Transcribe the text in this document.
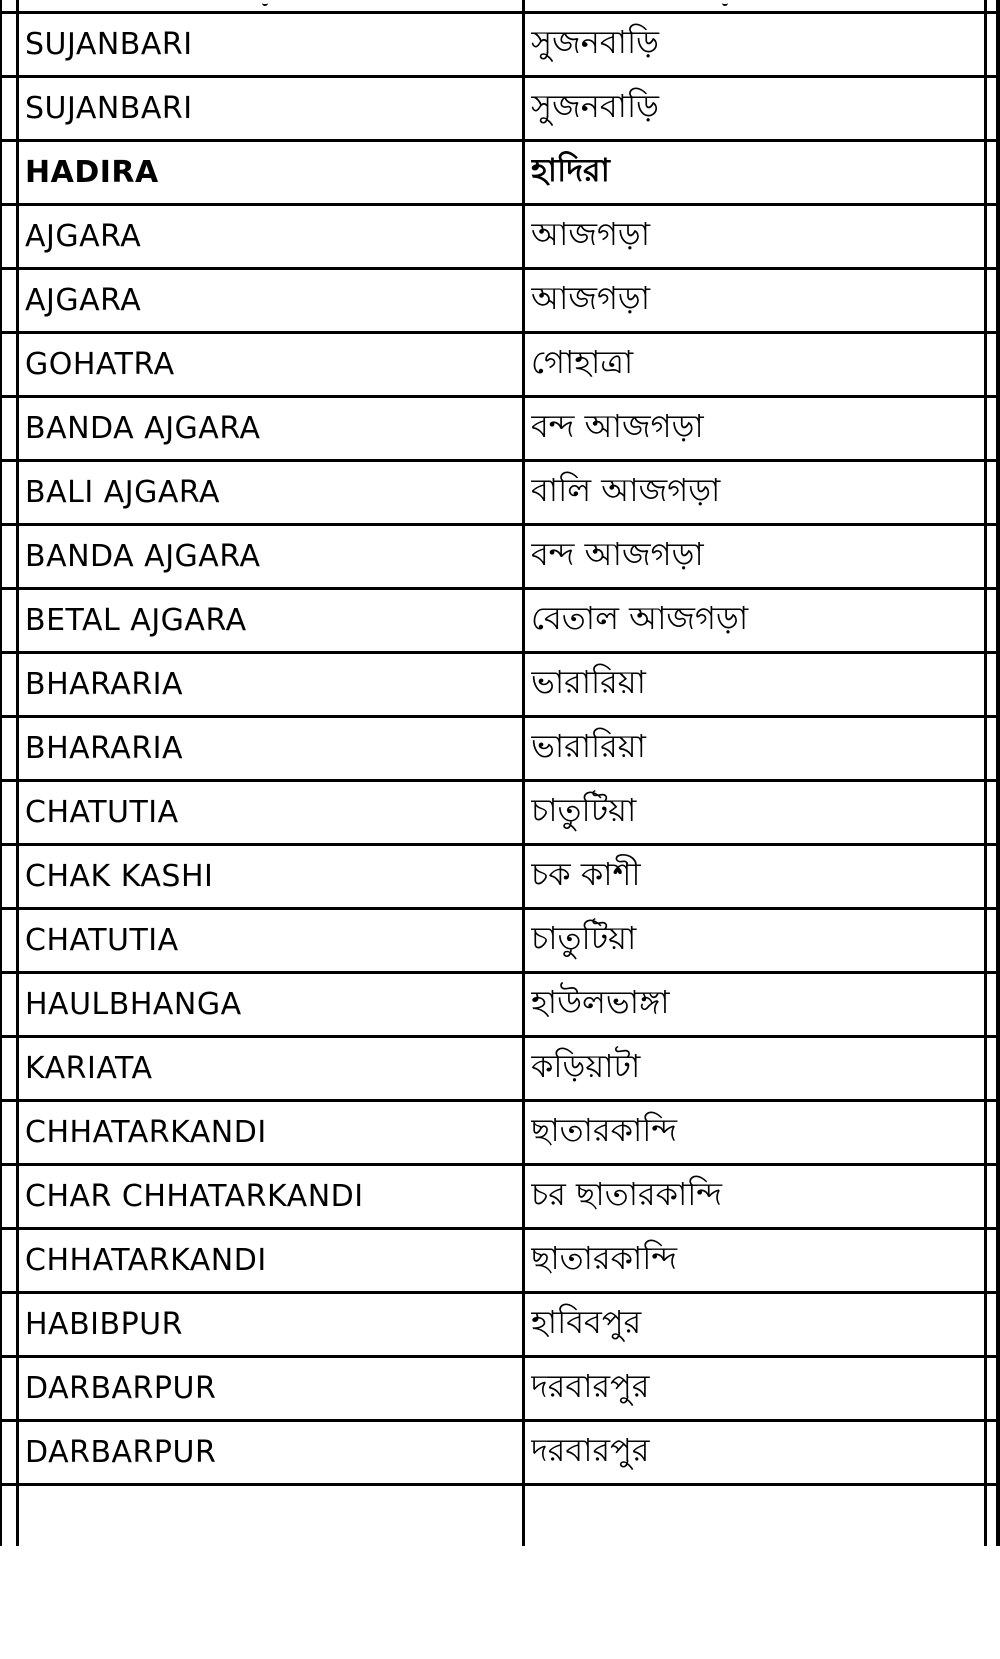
SUJANBARI	সুজনবাড়ি
SUJANBARI	সুজনবাড়ি
HADIRA	হাদিরা
AJGARA	আজগড়া
AJGARA	আজগড়া
GOHATRA	গোহাত্রা
BANDA AJGARA	বন্দ আজগড়া
BALI AJGARA	বালি আজগড়া
BANDA AJGARA	বন্দ আজগড়া
BETAL AJGARA	বেতাল আজগড়া
BHARARIA	ভারারিয়া
BHARARIA	ভারারিয়া
CHATUTIA	চাতুটিয়া
CHAK KASHI	চক কাশী
CHATUTIA	চাতুটিয়া
HAULBHANGA	হাউলভাঙ্গা
KARIATA	কড়িয়াটা
CHHATARKANDI	ছাতারকান্দি
CHAR CHHATARKANDI	চর ছাতারকান্দি
CHHATARKANDI	ছাতারকান্দি
HABIBPUR	হাবিবপুর
DARBARPUR	দরবারপুর
DARBARPUR	দরবারপুর
